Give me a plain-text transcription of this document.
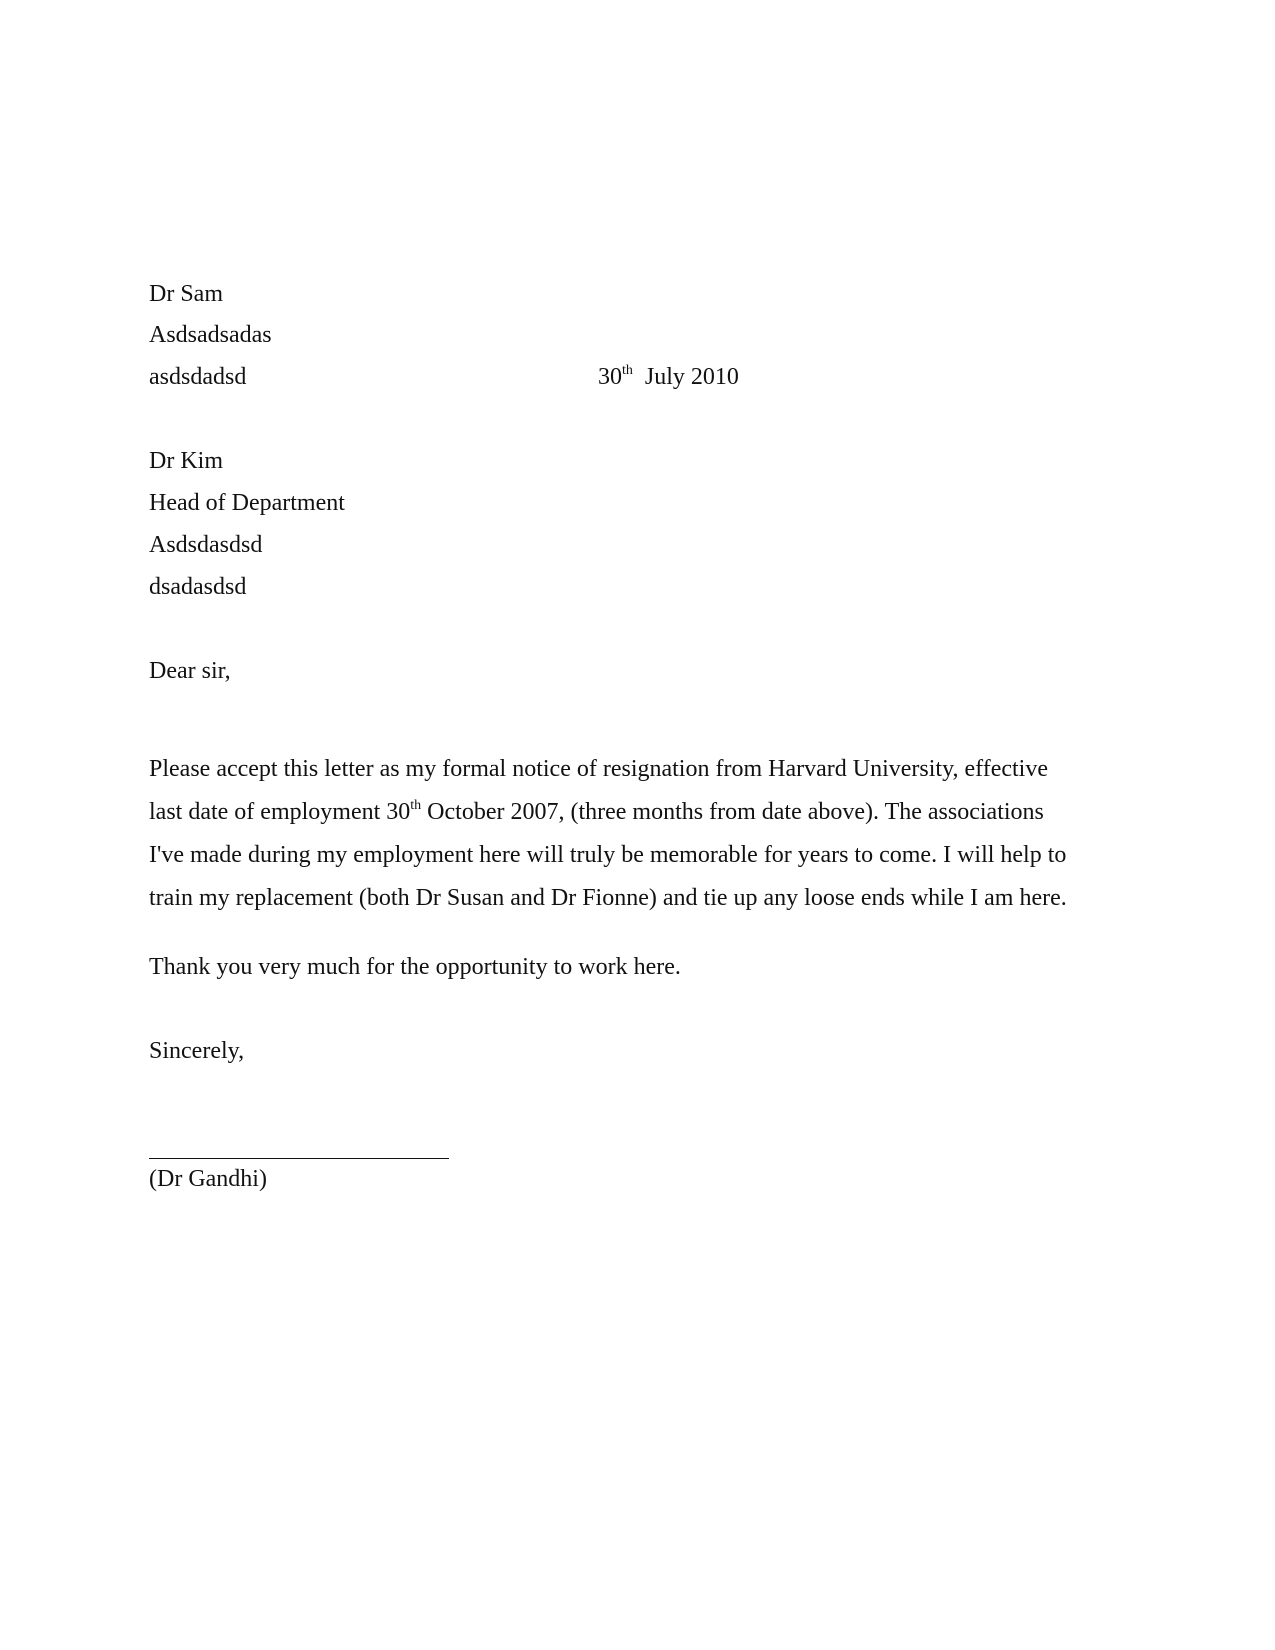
Dr Sam
Asdsadsadas
asdsdadsd	30th July 2010
Dr Kim
Head of Department
Asdsdasdsd
dsadasdsd
Dear sir,
Please accept this letter as my formal notice of resignation from Harvard University, effective
last date of employment 30th October 2007, (three months from date above). The associations
I've made during my employment here will truly be memorable for years to come. I will help to
train my replacement (both Dr Susan and Dr Fionne) and tie up any loose ends while I am here.
Thank you very much for the opportunity to work here.
Sincerely,
(Dr Gandhi)
